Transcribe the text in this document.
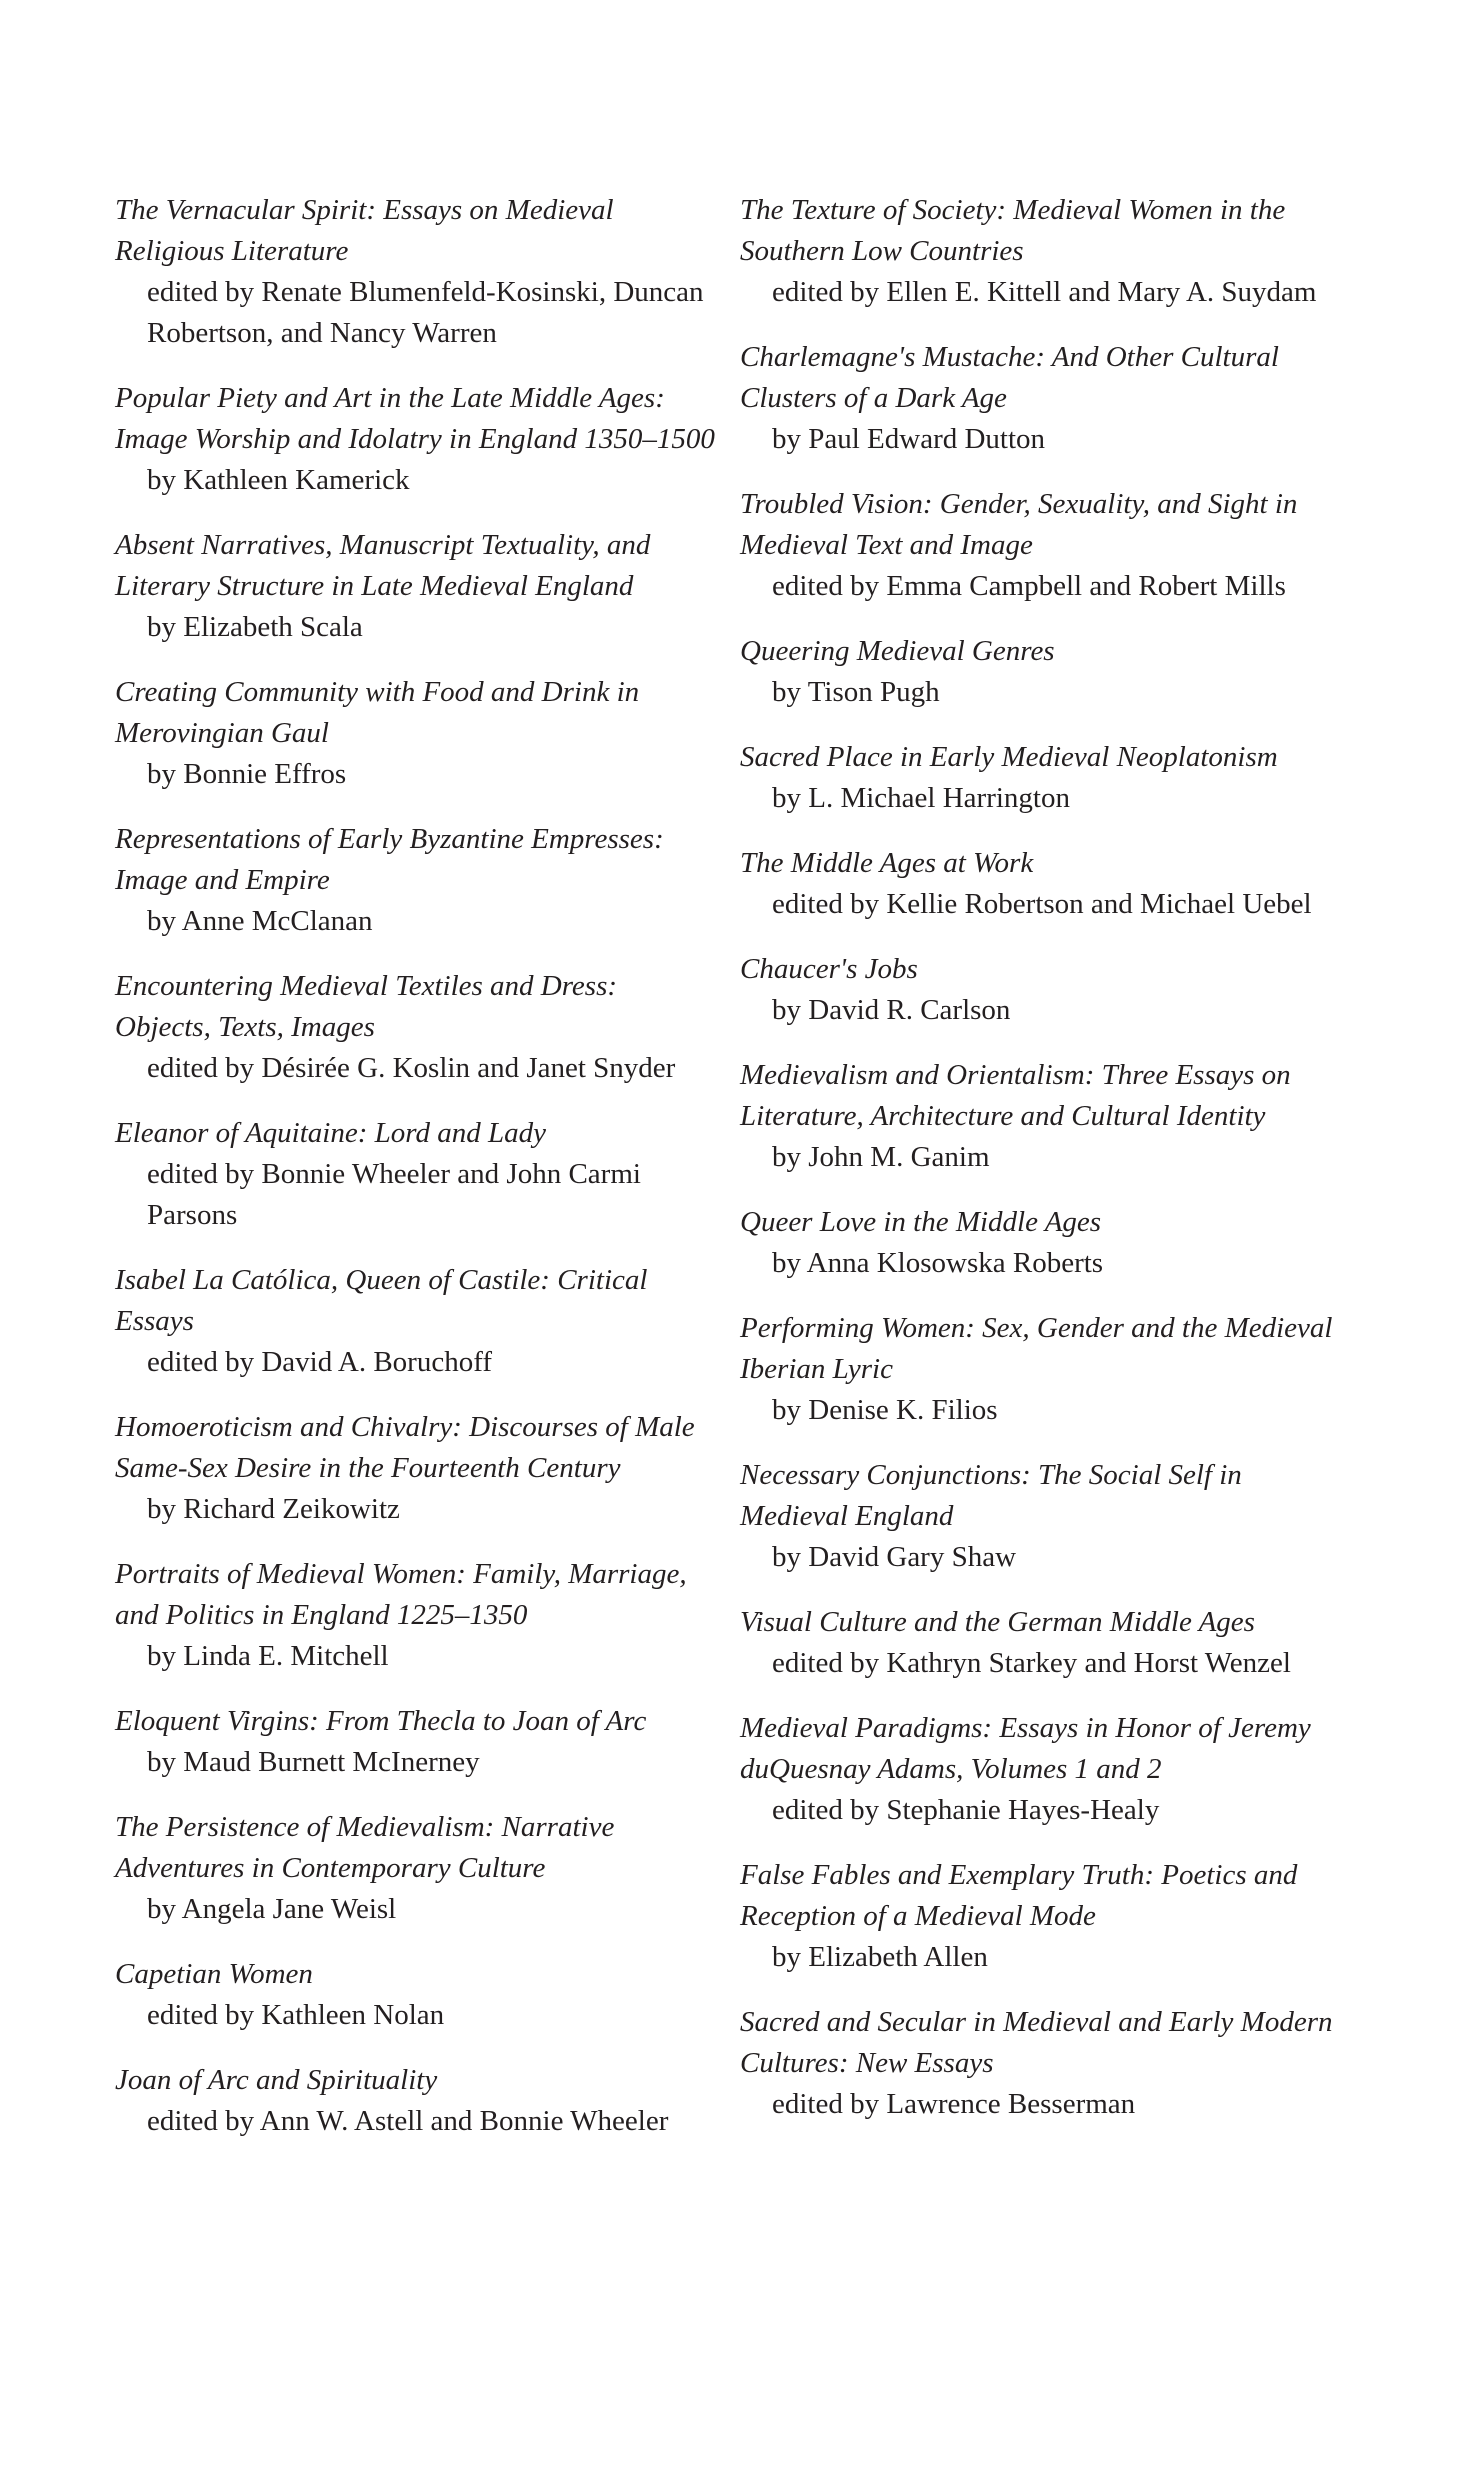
The Vernacular Spirit: Essays on Medieval Religious Literature

edited by Renate Blumenfeld-Kosinski, Duncan Robertson, and Nancy Warren

Popular Piety and Art in the Late Middle Ages: Image Worship and Idolatry in England 1350–1500

by Kathleen Kamerick

Absent Narratives, Manuscript Textuality, and Literary Structure in Late Medieval England

by Elizabeth Scala

Creating Community with Food and Drink in Merovingian Gaul

by Bonnie Effros

Representations of Early Byzantine Empresses: Image and Empire

by Anne McClanan

Encountering Medieval Textiles and Dress: Objects, Texts, Images

edited by Désirée G. Koslin and Janet Snyder

Eleanor of Aquitaine: Lord and Lady

edited by Bonnie Wheeler and John Carmi Parsons

Isabel La Católica, Queen of Castile: Critical Essays

edited by David A. Boruchoff

Homoeroticism and Chivalry: Discourses of Male Same-Sex Desire in the Fourteenth Century

by Richard Zeikowitz

Portraits of Medieval Women: Family, Marriage, and Politics in England 1225–1350

by Linda E. Mitchell

Eloquent Virgins: From Thecla to Joan of Arc

by Maud Burnett McInerney

The Persistence of Medievalism: Narrative Adventures in Contemporary Culture

by Angela Jane Weisl

Capetian Women

edited by Kathleen Nolan

Joan of Arc and Spirituality

edited by Ann W. Astell and Bonnie Wheeler

The Texture of Society: Medieval Women in the Southern Low Countries

edited by Ellen E. Kittell and Mary A. Suydam

Charlemagne's Mustache: And Other Cultural Clusters of a Dark Age

by Paul Edward Dutton

Troubled Vision: Gender, Sexuality, and Sight in Medieval Text and Image

edited by Emma Campbell and Robert Mills

Queering Medieval Genres

by Tison Pugh

Sacred Place in Early Medieval Neoplatonism

by L. Michael Harrington

The Middle Ages at Work

edited by Kellie Robertson and Michael Uebel

Chaucer's Jobs

by David R. Carlson

Medievalism and Orientalism: Three Essays on Literature, Architecture and Cultural Identity

by John M. Ganim

Queer Love in the Middle Ages

by Anna Klosowska Roberts

Performing Women: Sex, Gender and the Medieval Iberian Lyric

by Denise K. Filios

Necessary Conjunctions: The Social Self in Medieval England

by David Gary Shaw

Visual Culture and the German Middle Ages

edited by Kathryn Starkey and Horst Wenzel

Medieval Paradigms: Essays in Honor of Jeremy duQuesnay Adams, Volumes 1 and 2

edited by Stephanie Hayes-Healy

False Fables and Exemplary Truth: Poetics and Reception of a Medieval Mode

by Elizabeth Allen

Sacred and Secular in Medieval and Early Modern Cultures: New Essays

edited by Lawrence Besserman
